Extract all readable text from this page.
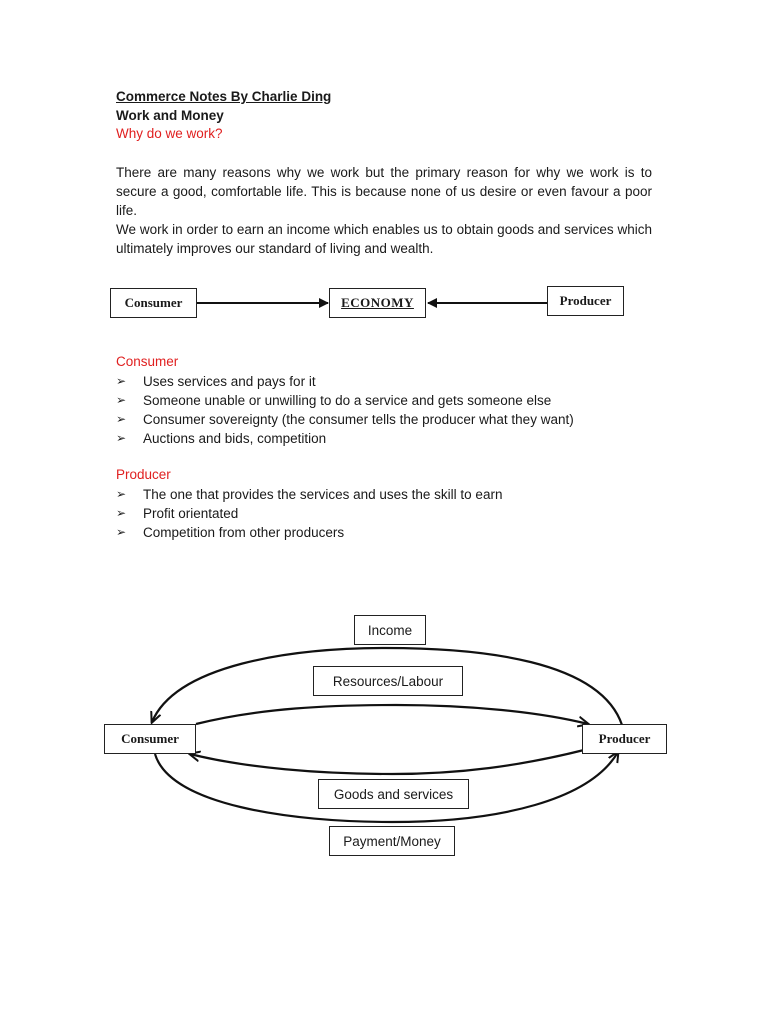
Commerce Notes By Charlie Ding
Work and Money
Why do we work?

There are many reasons why we work but the primary reason for why we work is to secure a good, comfortable life. This is because none of us desire or even favour a poor life.

We work in order to earn an income which enables us to obtain goods and services which ultimately improves our standard of living and wealth.

Consumer	ECONOMY	Producer
Consumer
➢	Uses services and pays for it
➢	Someone unable or unwilling to do a service and gets someone else
➢	Consumer sovereignty (the consumer tells the producer what they want)
➢	Auctions and bids, competition
Producer
➢	The one that provides the services and uses the skill to earn
➢	Profit orientated
➢	Competition from other producers
Income
Resources/Labour
Consumer	Producer
Goods and services
Payment/Money
